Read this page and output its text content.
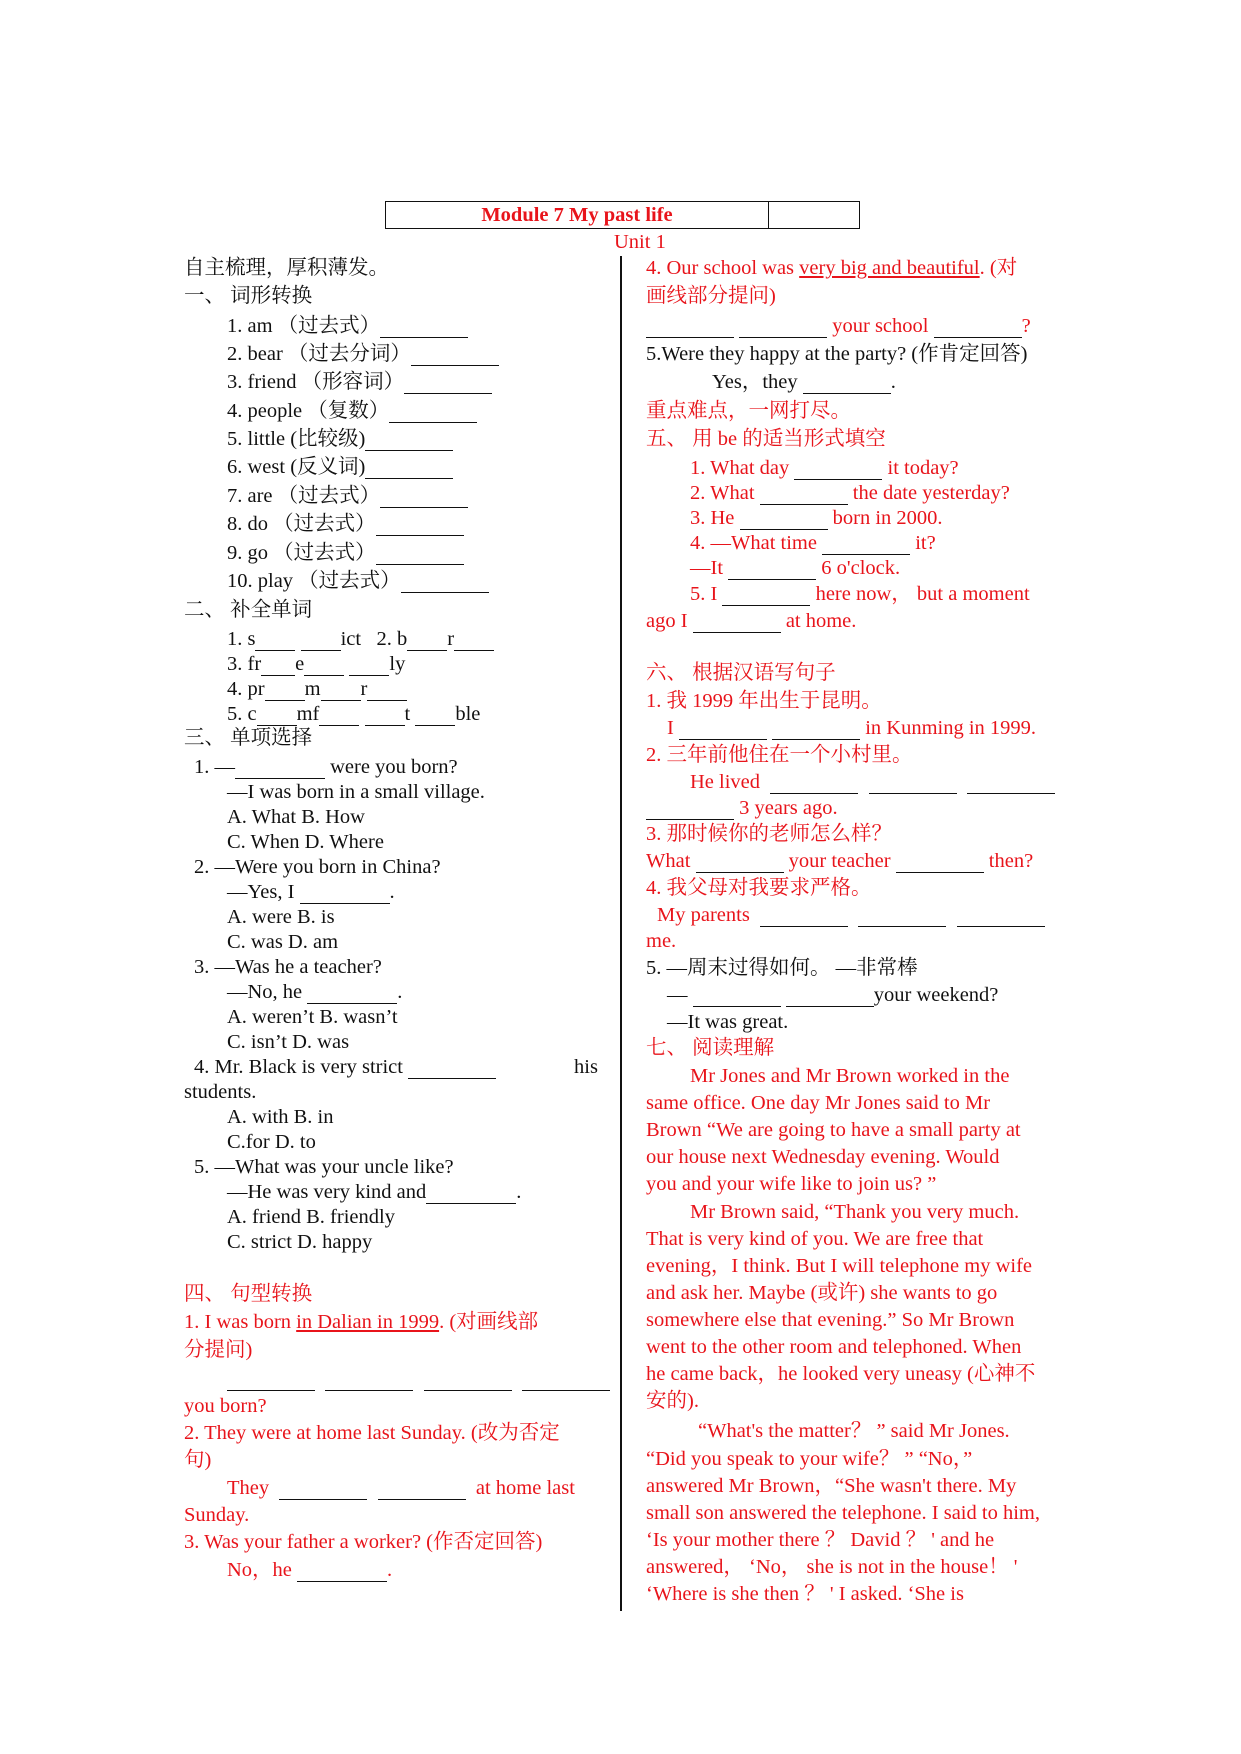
Module 7 My past life
Unit 1
自主梳理，厚积薄发。
一、 词形转换
1. am （过去式）
2. bear （过去分词）
3. friend （形容词）
4. people （复数）
5. little (比较级)
6. west (反义词)
7. are （过去式）
8. do （过去式）
9. go （过去式）
10. play （过去式）
二、 补全单词
1. s	ict 2. b r
3. fr e	ly
4. pr m r
5. c mf	t ble
三、 单项选择
1. —	were you born?
—I was born in a small village.
A. What B. How
C. When D. Where
2. —Were you born in China?
—Yes, I	.
A. were B. is
C. was D. am
3. —Was he a teacher?
—No, he	.
A. weren’t B. wasn’t
C. isn’t D. was
4. Mr. Black is very strict	his
students.
A. with B. in
C.for D. to
5. —What was your uncle like?
—He was very kind and	.
A. friend B. friendly
C. strict D. happy
四、 句型转换
1. I was born in Dalian in 1999. (对画线部
分提问)

you born?
2. They were at home last Sunday. (改为否定
句)
They	at home last
Sunday.
3. Was your father a worker? (作否定回答)
No，he	.
4. Our school was very big and beautiful. (对
画线部分提问)
your school	?
5.Were they happy at the party? (作肯定回答)
Yes，they	.
重点难点，一网打尽。
五、 用 be 的适当形式填空
1. What day	it today?
2. What	the date yesterday?
3. He	born in 2000.
4. —What time	it?
—It	6 o'clock.
5. I	here now， but a moment
ago I	at home.
六、 根据汉语写句子
1. 我 1999 年出生于昆明。
I	in Kunming in 1999.
2. 三年前他住在一个小村里。
He lived
3 years ago.
3. 那时候你的老师怎么样？
What	your teacher	then?
4. 我父母对我要求严格。
My parents
me.
5. —周末过得如何。 —非常棒
—	your weekend?
—It was great.
七、 阅读理解
Mr Jones and Mr Brown worked in the
same office. One day Mr Jones said to Mr
Brown “We are going to have a small party at
our house next Wednesday evening. Would
you and your wife like to join us? ”
Mr Brown said, “Thank you very much.
That is very kind of you. We are free that
evening，I think. But I will telephone my wife
and ask her. Maybe (或许) she wants to go
somewhere else that evening.” So Mr Brown
went to the other room and telephoned. When
he came back，he looked very uneasy (心神不
安的).
“What's the matter？ ” said Mr Jones.
“Did you speak to your wife？ ” “No，”
answered Mr Brown，“She wasn't there. My
small son answered the telephone. I said to him,
‘Is your mother there ？ David ？ ' and he
answered， ‘No， she is not in the house！ '
‘Where is she then ？ ' I asked. ‘She is
